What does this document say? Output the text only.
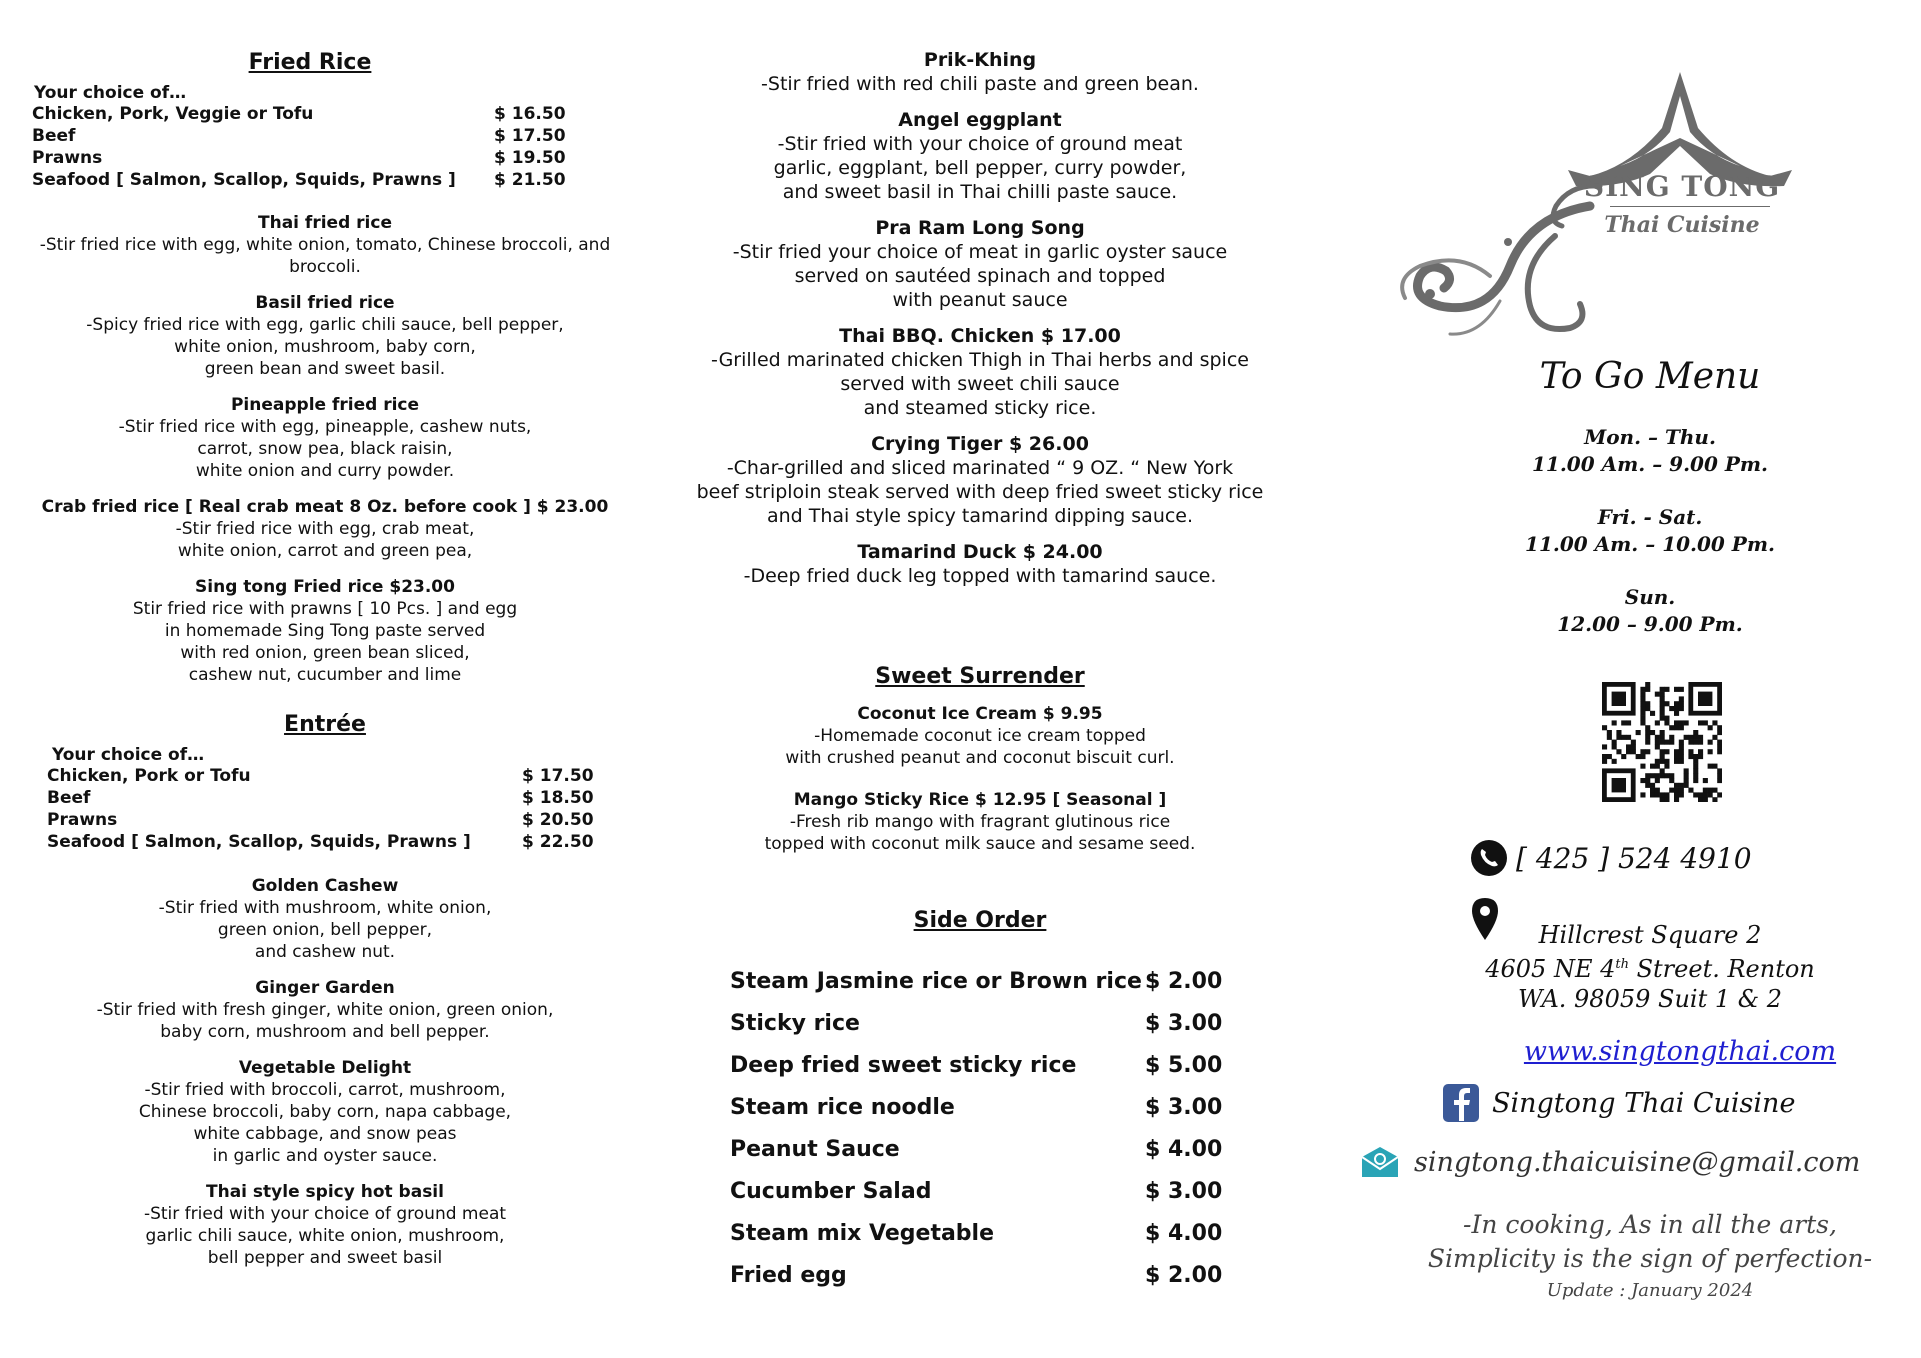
Fried Rice
Your choice of…
Chicken, Pork, Veggie or Tofu	$ 16.50
Beef	$ 17.50
Prawns	$ 19.50
Seafood [ Salmon, Scallop, Squids, Prawns ]	$ 21.50
Thai fried rice
-Stir fried rice with egg, white onion, tomato, Chinese broccoli, and
broccoli.
Basil fried rice
-Spicy fried rice with egg, garlic chili sauce, bell pepper,
white onion, mushroom, baby corn,
green bean and sweet basil.
Pineapple fried rice
-Stir fried rice with egg, pineapple, cashew nuts,
carrot, snow pea, black raisin,
white onion and curry powder.
Crab fried rice [ Real crab meat 8 Oz. before cook ] $ 23.00
-Stir fried rice with egg, crab meat,
white onion, carrot and green pea,
Sing tong Fried rice $23.00
Stir fried rice with prawns [ 10 Pcs. ] and egg
in homemade Sing Tong paste served
with red onion, green bean sliced,
cashew nut, cucumber and lime
Entrée
Your choice of…
Chicken, Pork or Tofu	$ 17.50
Beef	$ 18.50
Prawns	$ 20.50
Seafood [ Salmon, Scallop, Squids, Prawns ]	$ 22.50
Golden Cashew
-Stir fried with mushroom, white onion,
green onion, bell pepper,
and cashew nut.
Ginger Garden
-Stir fried with fresh ginger, white onion, green onion,
baby corn, mushroom and bell pepper.
Vegetable Delight
-Stir fried with broccoli, carrot, mushroom,
Chinese broccoli, baby corn, napa cabbage,
white cabbage, and snow peas
in garlic and oyster sauce.
Thai style spicy hot basil
-Stir fried with your choice of ground meat
garlic chili sauce, white onion, mushroom,
bell pepper and sweet basil
Prik-Khing
-Stir fried with red chili paste and green bean.
Angel eggplant
-Stir fried with your choice of ground meat
garlic, eggplant, bell pepper, curry powder,
and sweet basil in Thai chilli paste sauce.
Pra Ram Long Song
-Stir fried your choice of meat in garlic oyster sauce
served on sautéed spinach and topped
with peanut sauce
Thai BBQ. Chicken $ 17.00
-Grilled marinated chicken Thigh in Thai herbs and spice
served with sweet chili sauce
and steamed sticky rice.
Crying Tiger $ 26.00
-Char-grilled and sliced marinated “ 9 OZ. “ New York
beef striploin steak served with deep fried sweet sticky rice
and Thai style spicy tamarind dipping sauce.
Tamarind Duck $ 24.00
-Deep fried duck leg topped with tamarind sauce.
Sweet Surrender
Coconut Ice Cream $ 9.95
-Homemade coconut ice cream topped
with crushed peanut and coconut biscuit curl.
Mango Sticky Rice $ 12.95 [ Seasonal ]
-Fresh rib mango with fragrant glutinous rice
topped with coconut milk sauce and sesame seed.
Side Order
Steam Jasmine rice or Brown rice $ 2.00
Sticky rice	$ 3.00
Deep fried sweet sticky rice	$ 5.00
Steam rice noodle	$ 3.00
Peanut Sauce	$ 4.00
Cucumber Salad	$ 3.00
Steam mix Vegetable	$ 4.00
Fried egg	$ 2.00
SING TONG
Thai Cuisine
To Go Menu
Mon. – Thu.
11.00 Am. – 9.00 Pm.
Fri. - Sat.
11.00 Am. – 10.00 Pm.
Sun.
12.00 – 9.00 Pm.
[ 425 ] 524 4910
Hillcrest Square 2
4605 NE 4th Street. Renton
WA. 98059 Suit 1 & 2
www.singtongthai.com
Singtong Thai Cuisine
singtong.thaicuisine@gmail.com
-In cooking, As in all the arts,
Simplicity is the sign of perfection-
Update : January 2024
